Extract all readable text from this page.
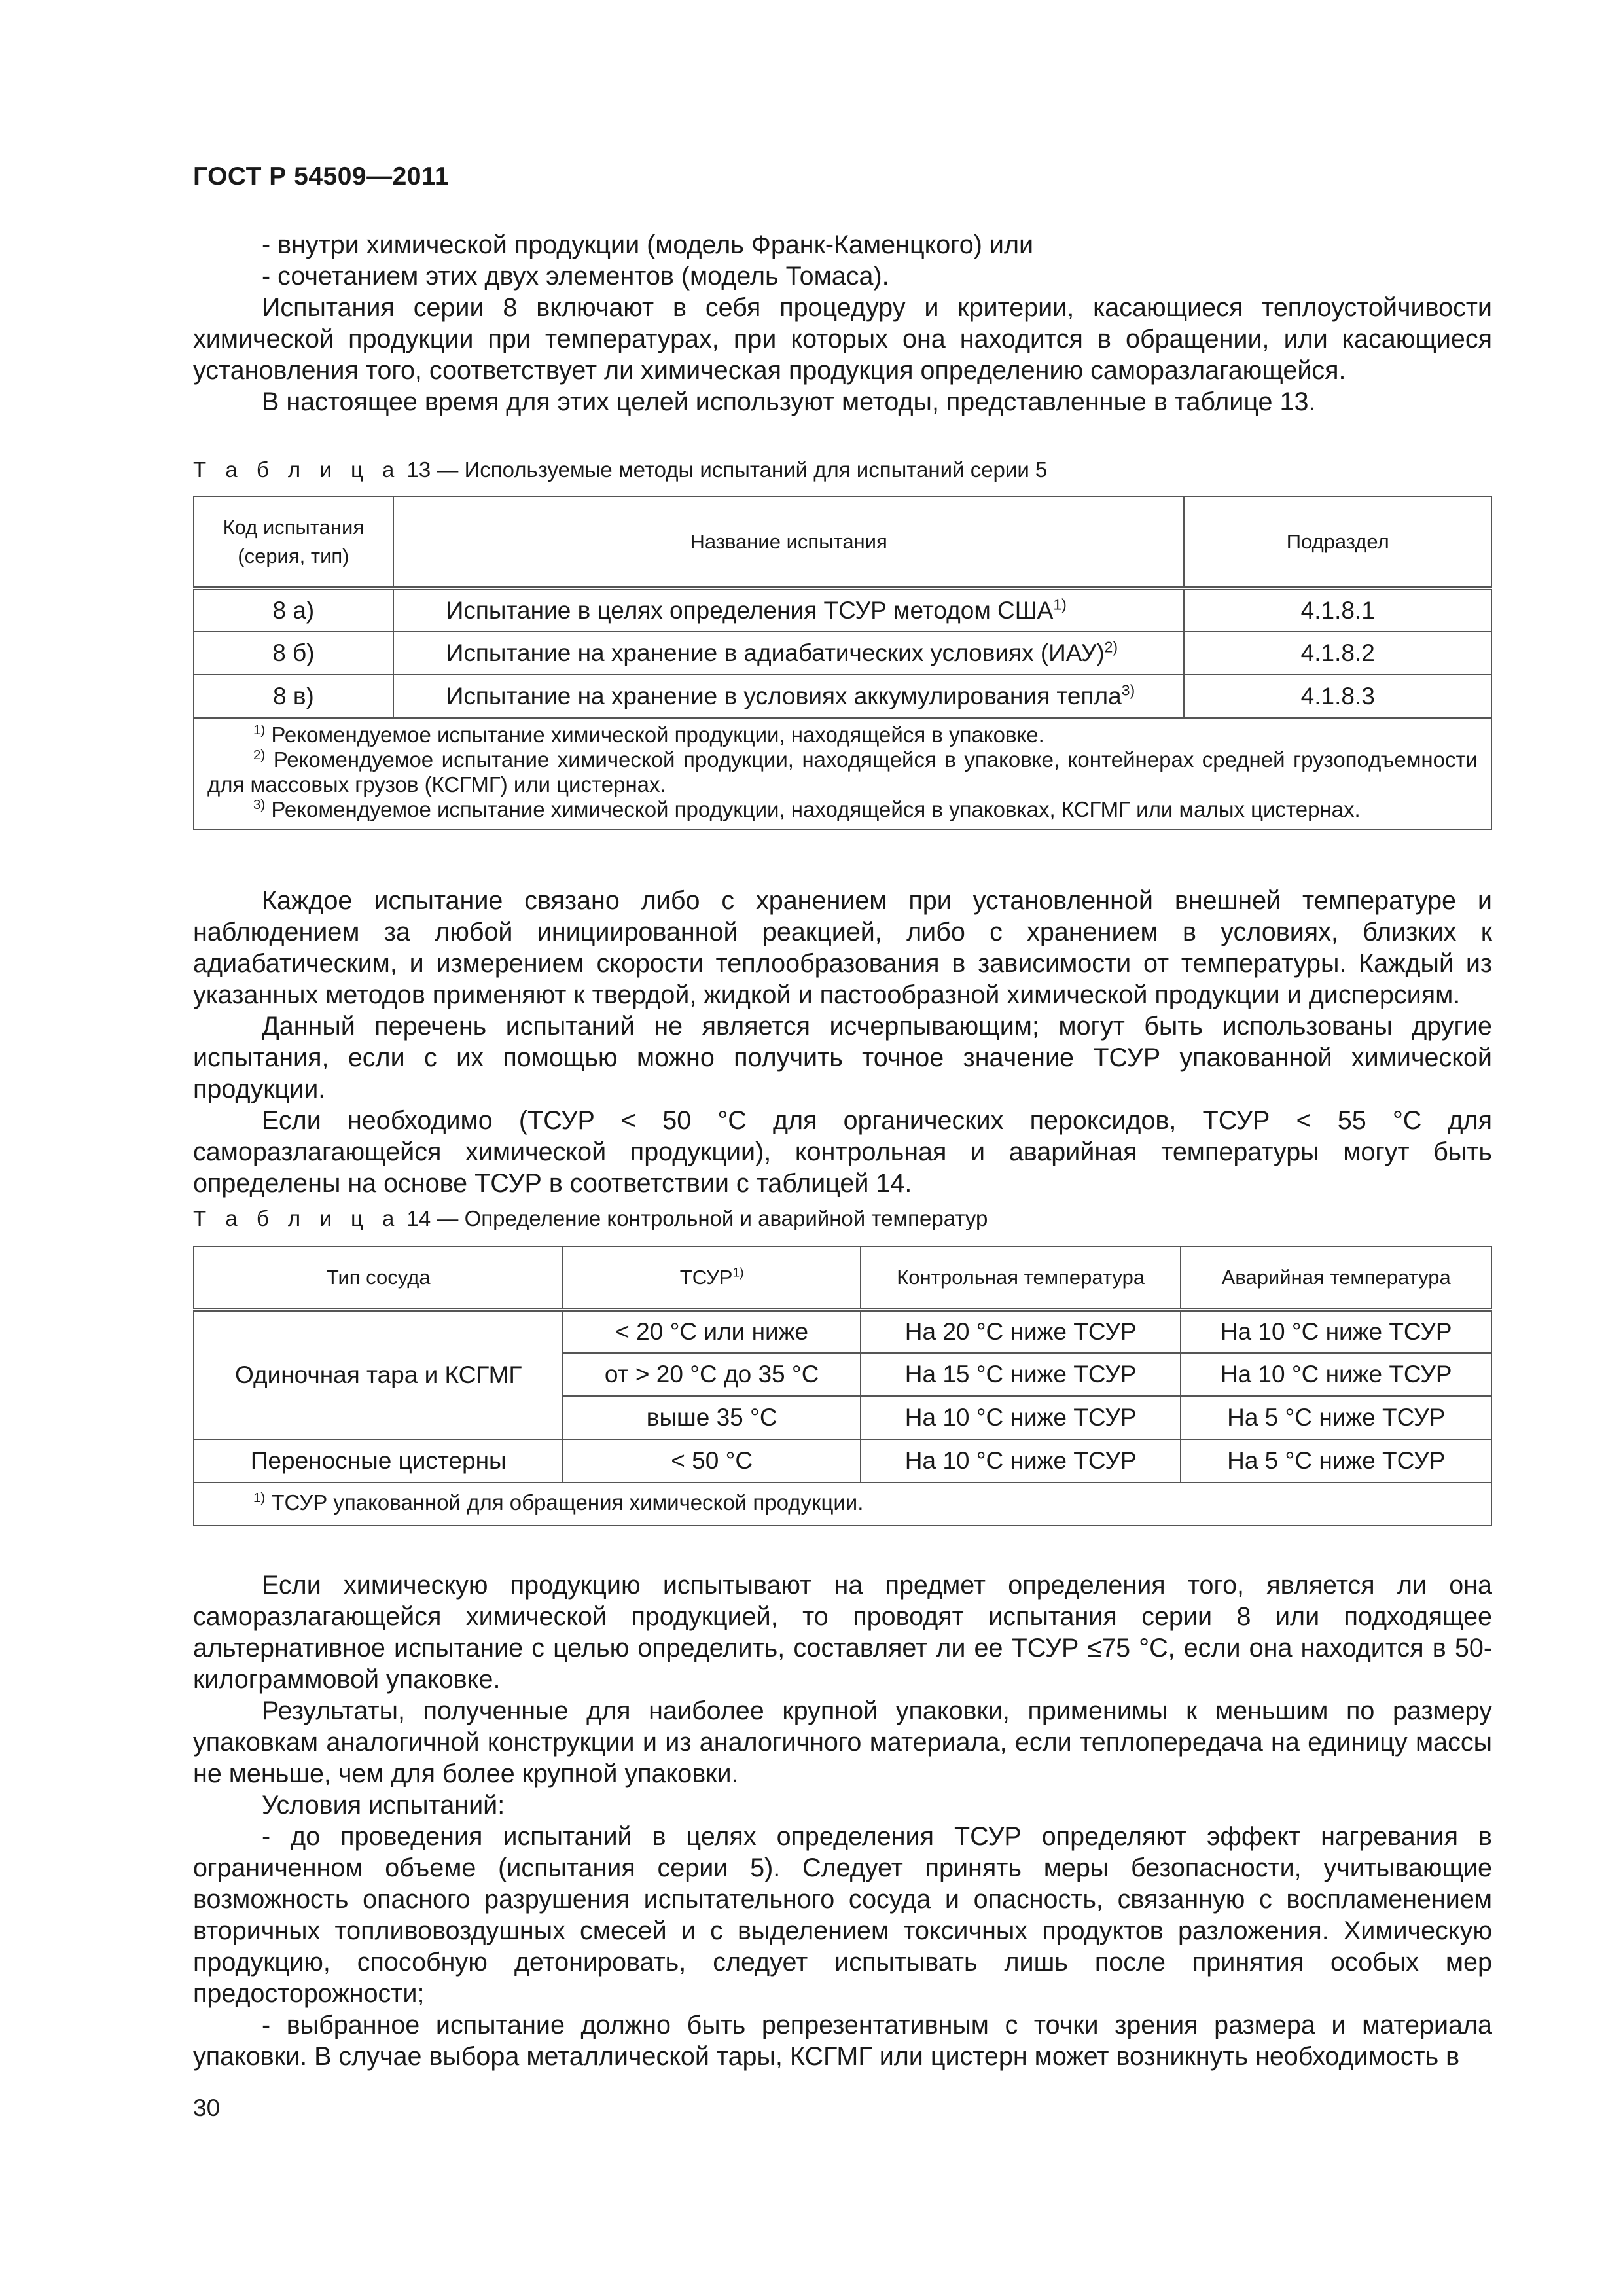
ГОСТ Р 54509—2011

- внутри химической продукции (модель Франк-Каменцкого) или

- сочетанием этих двух элементов (модель Томаса).

Испытания серии 8 включают в себя процедуру и критерии, касающиеся теплоустойчивости химической продукции при температурах, при которых она находится в обращении, или касающиеся установления того, соответствует ли химическая продукция определению саморазлагающейся.

В настоящее время для этих целей используют методы, представленные в таблице 13.

Т а б л и ц а 13 — Используемые методы испытаний для испытаний серии 5
Код испытания
(серия, тип)	Название испытания	Подраздел
8 а)	Испытание в целях определения ТСУР методом США$^{1)}$	4.1.8.1
8 б)	Испытание на хранение в адиабатических условиях (ИАУ)$^{2)}$	4.1.8.2
8 в)	Испытание на хранение в условиях аккумулирования тепла$^{3)}$	4.1.8.3

$^{1)}$ Рекомендуемое испытание химической продукции, находящейся в упаковке.

$^{2)}$ Рекомендуемое испытание химической продукции, находящейся в упаковке, контейнерах средней грузоподъемности для массовых грузов (КСГМГ) или цистернах.

$^{3)}$ Рекомендуемое испытание химической продукции, находящейся в упаковках, КСГМГ или малых цистернах.		

Каждое испытание связано либо с хранением при установленной внешней температуре и наблюдением за любой инициированной реакцией, либо с хранением в условиях, близких к адиабатическим, и измерением скорости теплообразования в зависимости от температуры. Каждый из указанных методов применяют к твердой, жидкой и пастообразной химической продукции и дисперсиям.

Данный перечень испытаний не является исчерпывающим; могут быть использованы другие испытания, если с их помощью можно получить точное значение ТСУР упакованной химической продукции.

Если необходимо (ТСУР < 50 °С для органических пероксидов, ТСУР < 55 °С для саморазлагающейся химической продукции), контрольная и аварийная температуры могут быть определены на основе ТСУР в соответствии с таблицей 14.

Т а б л и ц а 14 — Определение контрольной и аварийной температур
Тип сосуда	ТСУР$^{1)}$	Контрольная температура	Аварийная температура
Одиночная тара и КСГМГ	< 20 °С или ниже	На 20 °С ниже ТСУР	На 10 °С ниже ТСУР
	от > 20 °С до 35 °С	На 15 °С ниже ТСУР	На 10 °С ниже ТСУР
	выше 35 °С	На 10 °С ниже ТСУР	На 5 °С ниже ТСУР
Переносные цистерны	< 50 °С	На 10 °С ниже ТСУР	На 5 °С ниже ТСУР

$^{1)}$ ТСУР упакованной для обращения химической продукции.			

Если химическую продукцию испытывают на предмет определения того, является ли она саморазлагающейся химической продукцией, то проводят испытания серии 8 или подходящее альтернативное испытание с целью определить, составляет ли ее ТСУР ≤75 °С, если она находится в 50-килограммовой упаковке.

Результаты, полученные для наиболее крупной упаковки, применимы к меньшим по размеру упаковкам аналогичной конструкции и из аналогичного материала, если теплопередача на единицу массы не меньше, чем для более крупной упаковки.

Условия испытаний:

- до проведения испытаний в целях определения ТСУР определяют эффект нагревания в ограниченном объеме (испытания серии 5). Следует принять меры безопасности, учитывающие возможность опасного разрушения испытательного сосуда и опасность, связанную с воспламенением вторичных топливовоздушных смесей и с выделением токсичных продуктов разложения. Химическую продукцию, способную детонировать, следует испытывать лишь после принятия особых мер предосторожности;

- выбранное испытание должно быть репрезентативным с точки зрения размера и материала упаковки. В случае выбора металлической тары, КСГМГ или цистерн может возникнуть необходимость в

30
